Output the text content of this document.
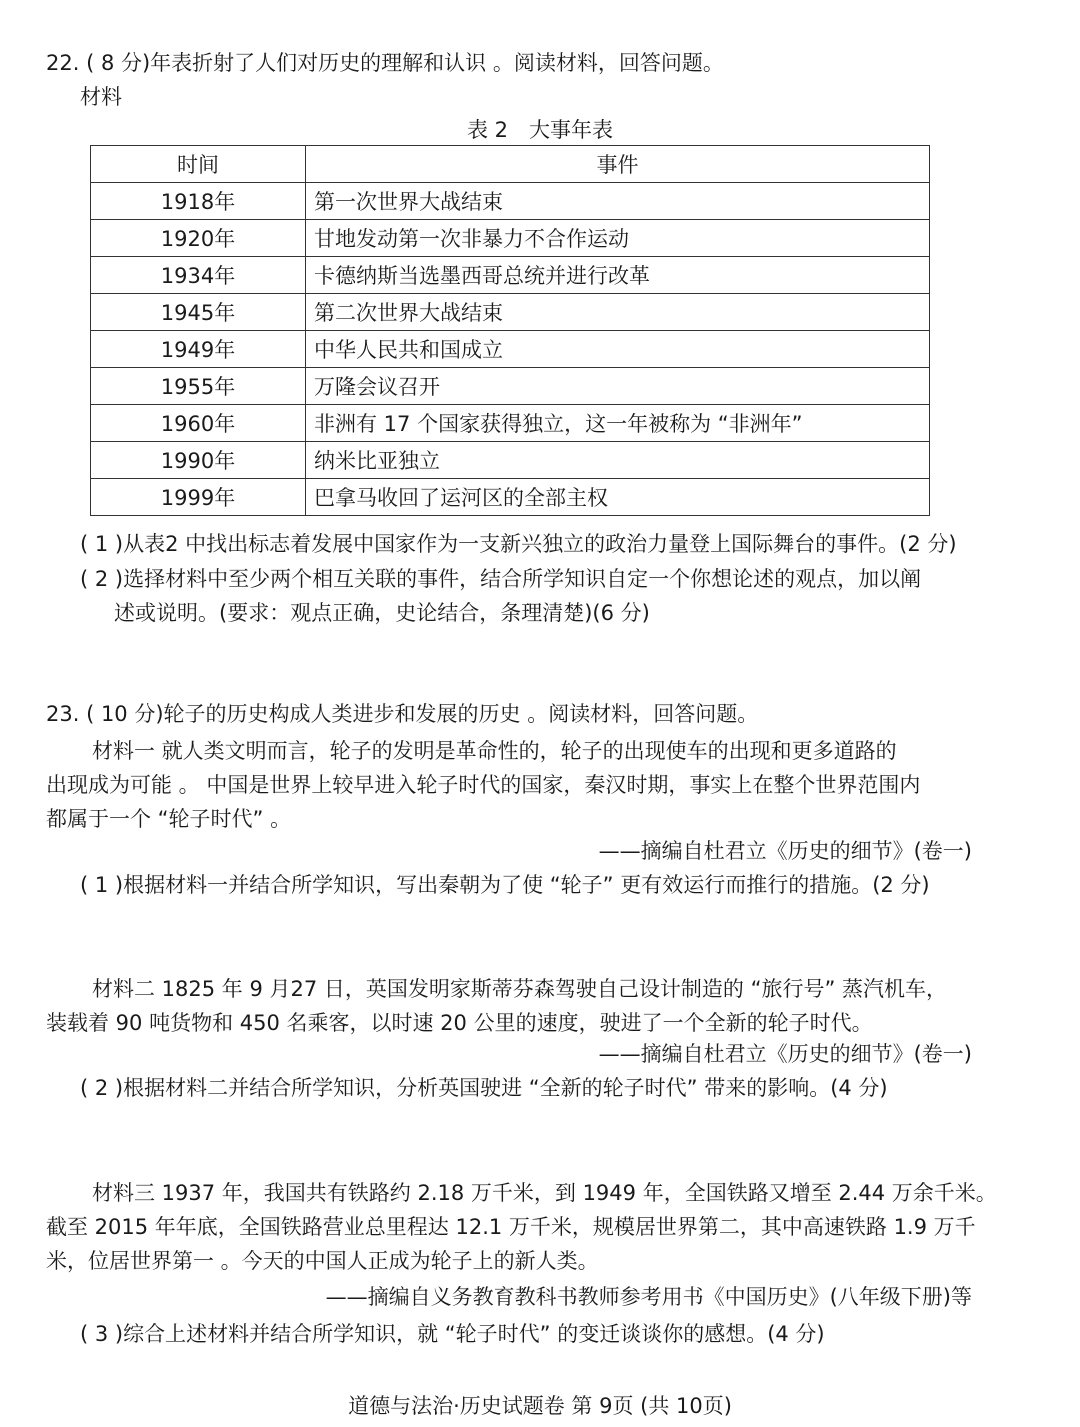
22. ( 8 分)年表折射了人们对历史的理解和认识 。阅读材料，回答问题。
材料
表 2　大事年表
时间	事件
1918年	第一次世界大战结束
1920年	甘地发动第一次非暴力不合作运动
1934年	卡德纳斯当选墨西哥总统并进行改革
1945年	第二次世界大战结束
1949年	中华人民共和国成立
1955年	万隆会议召开
1960年	非洲有 17 个国家获得独立，这一年被称为 “非洲年”
1990年	纳米比亚独立
1999年	巴拿马收回了运河区的全部主权
( 1 )从表2 中找出标志着发展中国家作为一支新兴独立的政治力量登上国际舞台的事件。(2 分)
( 2 )选择材料中至少两个相互关联的事件，结合所学知识自定一个你想论述的观点，加以阐
述或说明。(要求：观点正确，史论结合，条理清楚)(6 分)
23. ( 10 分)轮子的历史构成人类进步和发展的历史 。阅读材料，回答问题。
材料一 就人类文明而言，轮子的发明是革命性的，轮子的出现使车的出现和更多道路的
出现成为可能 。 中国是世界上较早进入轮子时代的国家，秦汉时期，事实上在整个世界范围内
都属于一个 “轮子时代” 。
——摘编自杜君立《历史的细节》(卷一)
( 1 )根据材料一并结合所学知识，写出秦朝为了使 “轮子” 更有效运行而推行的措施。(2 分)
材料二 1825 年 9 月27 日，英国发明家斯蒂芬森驾驶自己设计制造的 “旅行号” 蒸汽机车，
装载着 90 吨货物和 450 名乘客，以时速 20 公里的速度，驶进了一个全新的轮子时代。
——摘编自杜君立《历史的细节》(卷一)
( 2 )根据材料二并结合所学知识，分析英国驶进 “全新的轮子时代” 带来的影响。(4 分)
材料三 1937 年，我国共有铁路约 2.18 万千米，到 1949 年，全国铁路又增至 2.44 万余千米。
截至 2015 年年底，全国铁路营业总里程达 12.1 万千米，规模居世界第二，其中高速铁路 1.9 万千
米，位居世界第一 。今天的中国人正成为轮子上的新人类。
——摘编自义务教育教科书教师参考用书《中国历史》(八年级下册)等
( 3 )综合上述材料并结合所学知识，就 “轮子时代” 的变迁谈谈你的感想。(4 分)
道德与法治·历史试题卷 第 9页 (共 10页)
